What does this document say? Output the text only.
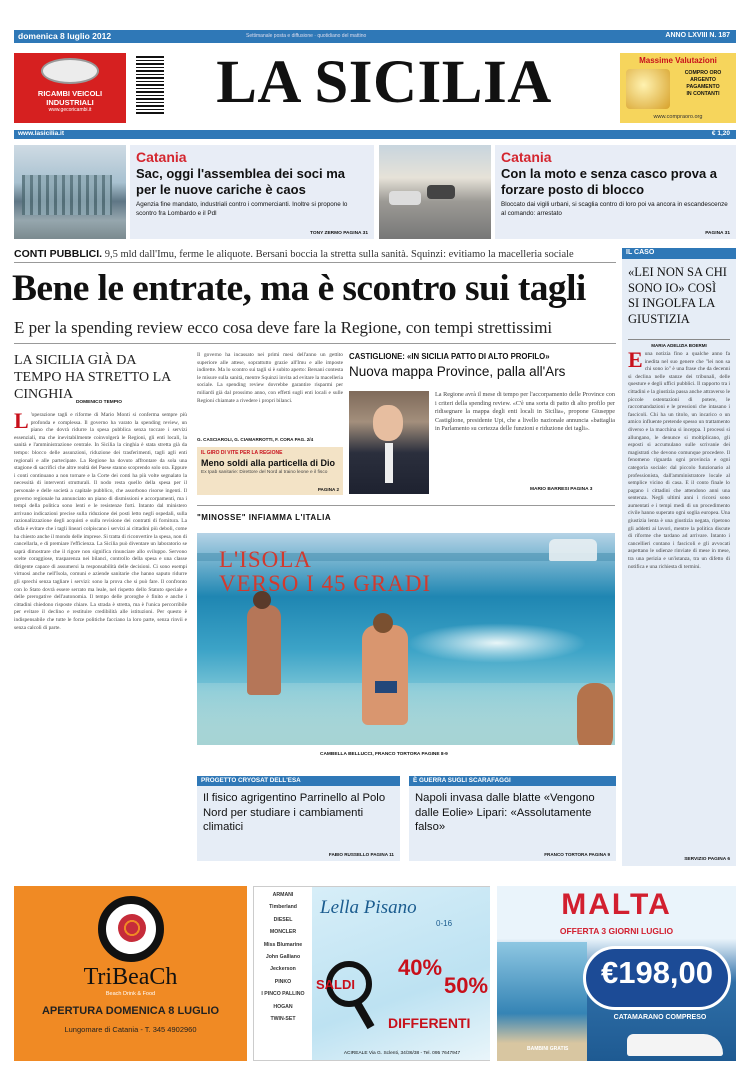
domenica 8 luglio 2012	Settimanale posta e diffusione · quotidiano del mattino	ANNO LXVIII N. 187
RICAMBI VEICOLI
INDUSTRIALI
www.gecoricambi.it	LA SICILIA	Massime Valutazioni
COMPRO ORO
ARGENTO
PAGAMENTO
IN CONTANTI
www.compraoro.org
www.lasicilia.it	€ 1,20
Catania
Sac, oggi l'assemblea dei soci ma per le nuove cariche è caos
Agenzia fine mandato, industriali contro i commercianti. Inoltre si propone lo scontro fra Lombardo e il Pdl
TONY ZERMO PAGINA 31
Catania
Con la moto e senza casco prova a forzare posto di blocco
Bloccato dai vigili urbani, si scaglia contro di loro poi va ancora in escandescenze al comando: arrestato
PAGINA 31
CONTI PUBBLICI. 9,5 mld dall'Imu, ferme le aliquote. Bersani boccia la stretta sulla sanità. Squinzi: evitiamo la macelleria sociale
Bene le entrate, ma è scontro sui tagli
E per la spending review ecco cosa deve fare la Regione, con tempi strettissimi
IL CASO
«LEI NON SA CHI SONO IO» COSÌ SI INGOLFA LA GIUSTIZIA
MARIA ADELIZIA BOERMI
Euna notizia fino a qualche anno fa inedita nel suo genere che "lei non sa chi sono io" è una frase che da decenni si declina nelle stanze dei tribunali, delle questure e degli uffici pubblici. Il rapporto tra i cittadini e la giustizia passa anche attraverso le piccole ostentazioni di potere, le raccomandazioni e le pressioni che intasano i fascicoli. Chi ha un titolo, un incarico o un amico influente pretende spesso un trattamento diverso e la macchina si inceppa. I processi si allungano, le denunce si moltiplicano, gli esposti si accumulano sulle scrivanie dei magistrati che devono comunque procedere. Il fenomeno riguarda ogni provincia e ogni categoria sociale: dal piccolo funzionario al professionista, dall'amministratore locale al semplice vicino di casa. E il conto finale lo pagano i cittadini che attendono anni una sentenza. Negli ultimi anni i ricorsi sono aumentati e i tempi medi di un procedimento civile hanno superato ogni soglia europea. Una giustizia lenta è una giustizia negata, ripetono gli addetti ai lavori, mentre la politica discute di riforme che tardano ad arrivare. Intanto i cancellieri contano i fascicoli e gli avvocati aspettano le udienze rinviate di mese in mese, tra una perizia e un'istanza, tra un difetto di notifica e una richiesta di termini.
SERVIZIO PAGINA 6
LA SICILIA GIÀ DA TEMPO HA STRETTO LA CINGHIA
DOMENICO TEMPIO
L 'operazione tagli e riforme di Mario Monti si conferma sempre più profonda e complessa. Il governo ha varato la spending review, un piano che dovrà ridurre la spesa pubblica senza toccare i servizi essenziali, ma che inevitabilmente coinvolgerà le Regioni, gli enti locali, la sanità e l'amministrazione centrale. In Sicilia la cinghia è stata stretta già da tempo: blocco delle assunzioni, riduzione dei trasferimenti, tagli agli enti regionali e alle partecipate. La Regione ha dovuto affrontare da sola una stagione di sacrifici che altre realtà del Paese stanno scoprendo solo ora. Eppure i conti continuano a non tornare e la Corte dei conti ha più volte segnalato la necessità di interventi strutturali. Il nodo resta quello della spesa per il personale e delle società a capitale pubblico, che assorbono risorse ingenti. Il governo regionale ha annunciato un piano di dismissioni e accorpamenti, ma i tempi della politica sono lenti e le resistenze forti. Intanto dal ministero arrivano indicazioni precise sulla riduzione dei posti letto negli ospedali, sulla razionalizzazione degli acquisti e sulla revisione dei contratti di fornitura. La sfida è evitare che i tagli lineari colpiscano i servizi ai cittadini più deboli, come ha chiesto anche il mondo delle imprese. Si tratta di riconvertire la spesa, non di cancellarla, e di premiare l'efficienza. La Sicilia può diventare un laboratorio se saprà dimostrare che il rigore non significa rinunciare allo sviluppo. Servono scelte coraggiose, trasparenza nei bilanci, controllo della spesa e una classe dirigente capace di assumersi la responsabilità delle decisioni. Ci sono esempi virtuosi anche nell'Isola, comuni e aziende sanitarie che hanno saputo ridurre gli sprechi senza tagliare i servizi: sono la prova che si può fare. Il confronto con lo Stato dovrà essere serrato ma leale, nel rispetto dello Statuto speciale e delle prerogative dell'autonomia. Il tempo delle proroghe è finito e anche i cittadini chiedono risposte chiare. La strada è stretta, ma è l'unica percorribile per evitare il declino e restituire credibilità alle istituzioni. Per questo è indispensabile che tutte le forze politiche facciano la loro parte, senza rinvii e senza calcoli di parte.
Il governo ha incassato nei primi mesi dell'anno un gettito superiore alle attese, soprattutto grazie all'Imu e alle imposte indirette. Ma lo scontro sui tagli si è subito aperto: Bersani contesta le misure sulla sanità, mentre Squinzi invita ad evitare la macelleria sociale. La spending review dovrebbe garantire risparmi per miliardi già dal prossimo anno, con effetti sugli enti locali e sulle Regioni chiamate a rivedere i propri bilanci.
G. CASCIAROLI, G. CIAMARROTTI, F. CORA PAG. 2/4
IL GIRO DI VITE PER LA REGIONE
Meno soldi alla particella di Dio
Ex Ipab sanitarie: Direttore del Nord al traino leone e il fisco
PAGINA 2
CASTIGLIONE: «IN SICILIA PATTO DI ALTO PROFILO»
Nuova mappa Province, palla all'Ars
La Regione avrà il mese di tempo per l'accorpamento delle Province con i criteri della spending review. «C'è una sorta di patto di alto profilo per ridisegnare la mappa degli enti locali in Sicilia», propone Giuseppe Castiglione, presidente Upi, che a livello nazionale annuncia «battaglia in Parlamento su certezza delle funzioni e riduzione dei tagli».
MARIO BARRESI PAGINA 3
"MINOSSE" INFIAMMA L'ITALIA
L'ISOLA
VERSO I 45 GRADI
CAMBELLA BELLUCCI, FRANCO TORTORA PAGINE 8-9
PROGETTO CRYOSAT DELL'ESA
Il fisico agrigentino Parrinello al Polo Nord per studiare i cambiamenti climatici
FABIO RUSSELLO PAGINA 11
È GUERRA SUGLI SCARAFAGGI
Napoli invasa dalle blatte «Vengono dalle Eolie» Lipari: «Assolutamente falso»
FRANCO TORTORA PAGINA 9
TriBeaCh
Beach Drink & Food
APERTURA DOMENICA 8 LUGLIO
Lungomare di Catania - T. 345 4902960
ARMANI
Timberland
DIESEL
MONCLER
Miss Blumarine
John Galliano
Jeckerson
PINKO
I PINCO PALLINO
HOGAN
TWIN-SET
Lella Pisano
0-16
SALDI
40%
50%
DIFFERENTI
ACIREALE Via G. Sclenti, 34/36/38 - Tel. 095 7647947
MALTA
OFFERTA 3 GIORNI LUGLIO
€198,00
CATAMARANO COMPRESO
BAMBINI GRATIS
